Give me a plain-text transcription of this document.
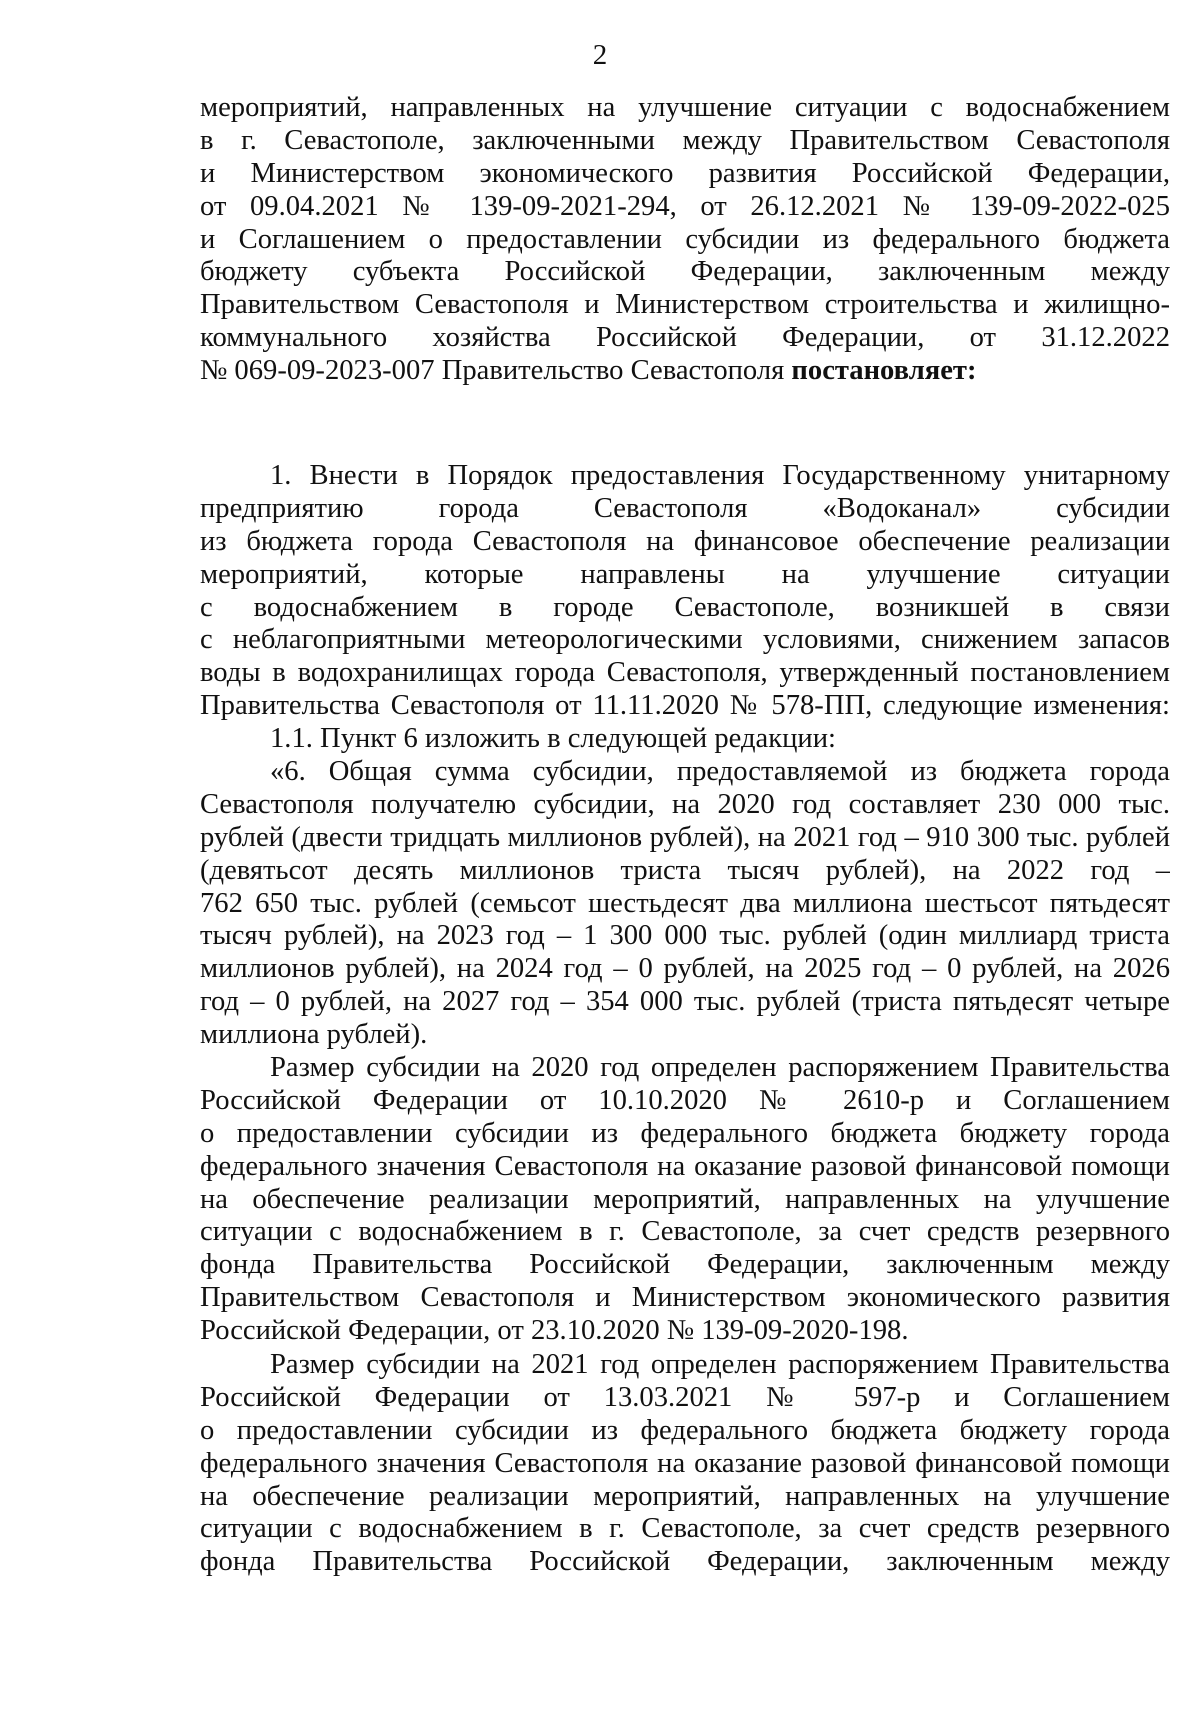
2
мероприятий, направленных на улучшение ситуации с водоснабжением
в г. Севастополе, заключенными между Правительством Севастополя
и Министерством экономического развития Российской Федерации,
от 09.04.2021 № 139-09-2021-294, от 26.12.2021 № 139-09-2022-025
и Соглашением о предоставлении субсидии из федерального бюджета
бюджету субъекта Российской Федерации, заключенным между
Правительством Севастополя и Министерством строительства и жилищно-
коммунального хозяйства Российской Федерации, от 31.12.2022
№ 069-09-2023-007 Правительство Севастополя постановляет:
1. Внести в Порядок предоставления Государственному унитарному
предприятию города Севастополя «Водоканал» субсидии
из бюджета города Севастополя на финансовое обеспечение реализации
мероприятий, которые направлены на улучшение ситуации
с водоснабжением в городе Севастополе, возникшей в связи
с неблагоприятными метеорологическими условиями, снижением запасов
воды в водохранилищах города Севастополя, утвержденный постановлением
Правительства Севастополя от 11.11.2020 № 578-ПП, следующие изменения:
1.1. Пункт 6 изложить в следующей редакции:
«6. Общая сумма субсидии, предоставляемой из бюджета города
Севастополя получателю субсидии, на 2020 год составляет 230 000 тыс.
рублей (двести тридцать миллионов рублей), на 2021 год – 910 300 тыс. рублей
(девятьсот десять миллионов триста тысяч рублей), на 2022 год –
762 650 тыс. рублей (семьсот шестьдесят два миллиона шестьсот пятьдесят
тысяч рублей), на 2023 год – 1 300 000 тыс. рублей (один миллиард триста
миллионов рублей), на 2024 год – 0 рублей, на 2025 год – 0 рублей, на 2026
год – 0 рублей, на 2027 год – 354 000 тыс. рублей (триста пятьдесят четыре
миллиона рублей).
Размер субсидии на 2020 год определен распоряжением Правительства
Российской Федерации от 10.10.2020 № 2610-р и Соглашением
о предоставлении субсидии из федерального бюджета бюджету города
федерального значения Севастополя на оказание разовой финансовой помощи
на обеспечение реализации мероприятий, направленных на улучшение
ситуации с водоснабжением в г. Севастополе, за счет средств резервного
фонда Правительства Российской Федерации, заключенным между
Правительством Севастополя и Министерством экономического развития
Российской Федерации, от 23.10.2020 № 139-09-2020-198.
Размер субсидии на 2021 год определен распоряжением Правительства
Российской Федерации от 13.03.2021 № 597-р и Соглашением
о предоставлении субсидии из федерального бюджета бюджету города
федерального значения Севастополя на оказание разовой финансовой помощи
на обеспечение реализации мероприятий, направленных на улучшение
ситуации с водоснабжением в г. Севастополе, за счет средств резервного
фонда Правительства Российской Федерации, заключенным между
